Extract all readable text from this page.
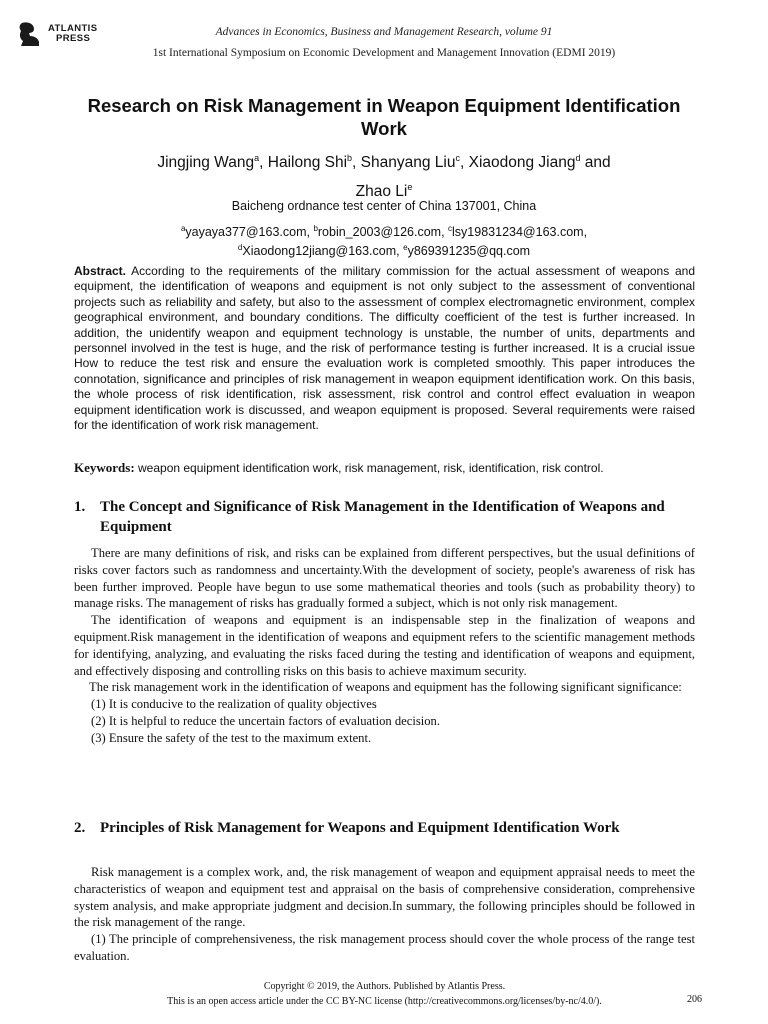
ATLANTIS
PRESS
Advances in Economics, Business and Management Research, volume 91
1st International Symposium on Economic Development and Management Innovation (EDMI 2019)
Research on Risk Management in Weapon Equipment Identification Work
Jingjing Wang$^a$, Hailong Shi$^b$, Shanyang Liu$^c$, Xiaodong Jiang$^d$ and
Zhao Li$^e$
Baicheng ordnance test center of China 137001, China
$^a$yayaya377@163.com, $^b$robin_2003@126.com, $^c$lsy19831234@163.com,
$^d$Xiaodong12jiang@163.com, $^e$y869391235@qq.com

Abstract. According to the requirements of the military commission for the actual assessment of weapons and equipment, the identification of weapons and equipment is not only subject to the assessment of conventional projects such as reliability and safety, but also to the assessment of complex electromagnetic environment, complex geographical environment, and boundary conditions. The difficulty coefficient of the test is further increased. In addition, the unidentify weapon and equipment technology is unstable, the number of units, departments and personnel involved in the test is huge, and the risk of performance testing is further increased. It is a crucial issue How to reduce the test risk and ensure the evaluation work is completed smoothly. This paper introduces the connotation, significance and principles of risk management in weapon equipment identification work. On this basis, the whole process of risk identification, risk assessment, risk control and control effect evaluation in weapon equipment identification work is discussed, and weapon equipment is proposed. Several requirements were raised for the identification of work risk management.

Keywords: weapon equipment identification work, risk management, risk, identification, risk control.

1. The Concept and Significance of Risk Management in the Identification of Weapons and Equipment

There are many definitions of risk, and risks can be explained from different perspectives, but the usual definitions of risks cover factors such as randomness and uncertainty.With the development of society, people's awareness of risk has been further improved. People have begun to use some mathematical theories and tools (such as probability theory) to manage risks. The management of risks has gradually formed a subject, which is not only risk management.

The identification of weapons and equipment is an indispensable step in the finalization of weapons and equipment.Risk management in the identification of weapons and equipment refers to the scientific management methods for identifying, analyzing, and evaluating the risks faced during the testing and identification of weapons and equipment, and effectively disposing and controlling risks on this basis to achieve maximum security.

The risk management work in the identification of weapons and equipment has the following significant significance:

(1) It is conducive to the realization of quality objectives

(2) It is helpful to reduce the uncertain factors of evaluation decision.

(3) Ensure the safety of the test to the maximum extent.

2. Principles of Risk Management for Weapons and Equipment Identification Work

Risk management is a complex work, and, the risk management of weapon and equipment appraisal needs to meet the characteristics of weapon and equipment test and appraisal on the basis of comprehensive consideration, comprehensive system analysis, and make appropriate judgment and decision.In summary, the following principles should be followed in the risk management of the range.

(1) The principle of comprehensiveness, the risk management process should cover the whole process of the range test evaluation.

Copyright © 2019, the Authors. Published by Atlantis Press.
This is an open access article under the CC BY-NC license (http://creativecommons.org/licenses/by-nc/4.0/).	206
